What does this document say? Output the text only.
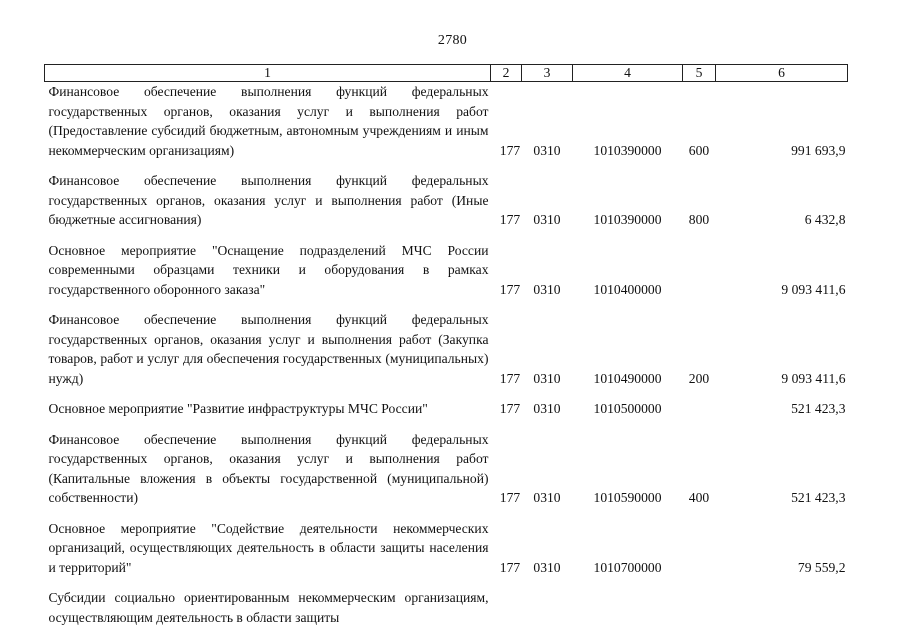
2780
1	2	3	4	5	6
Финансовое обеспечение выполнения функций федеральных государственных органов, оказания услуг и выполнения работ (Предоставление субсидий бюджетным, автономным учреждениям и иным некоммерческим организациям)	177	0310	1010390000	600	991 693,9

Финансовое обеспечение выполнения функций федеральных государственных органов, оказания услуг и выполнения работ (Иные бюджетные ассигнования)	177	0310	1010390000	800	6 432,8

Основное мероприятие "Оснащение подразделений МЧС России современными образцами техники и оборудования в рамках государственного оборонного заказа"	177	0310	1010400000		9 093 411,6

Финансовое обеспечение выполнения функций федеральных государственных органов, оказания услуг и выполнения работ (Закупка товаров, работ и услуг для обеспечения государственных (муниципальных) нужд)	177	0310	1010490000	200	9 093 411,6

Основное мероприятие "Развитие инфраструктуры МЧС России"	177	0310	1010500000		521 423,3

Финансовое обеспечение выполнения функций федеральных государственных органов, оказания услуг и выполнения работ (Капитальные вложения в объекты государственной (муниципальной) собственности)	177	0310	1010590000	400	521 423,3

Основное мероприятие "Содействие деятельности некоммерческих организаций, осуществляющих деятельность в области защиты населения и территорий"	177	0310	1010700000		79 559,2

Субсидии социально ориентированным некоммерческим организациям, осуществляющим деятельность в области защиты					
